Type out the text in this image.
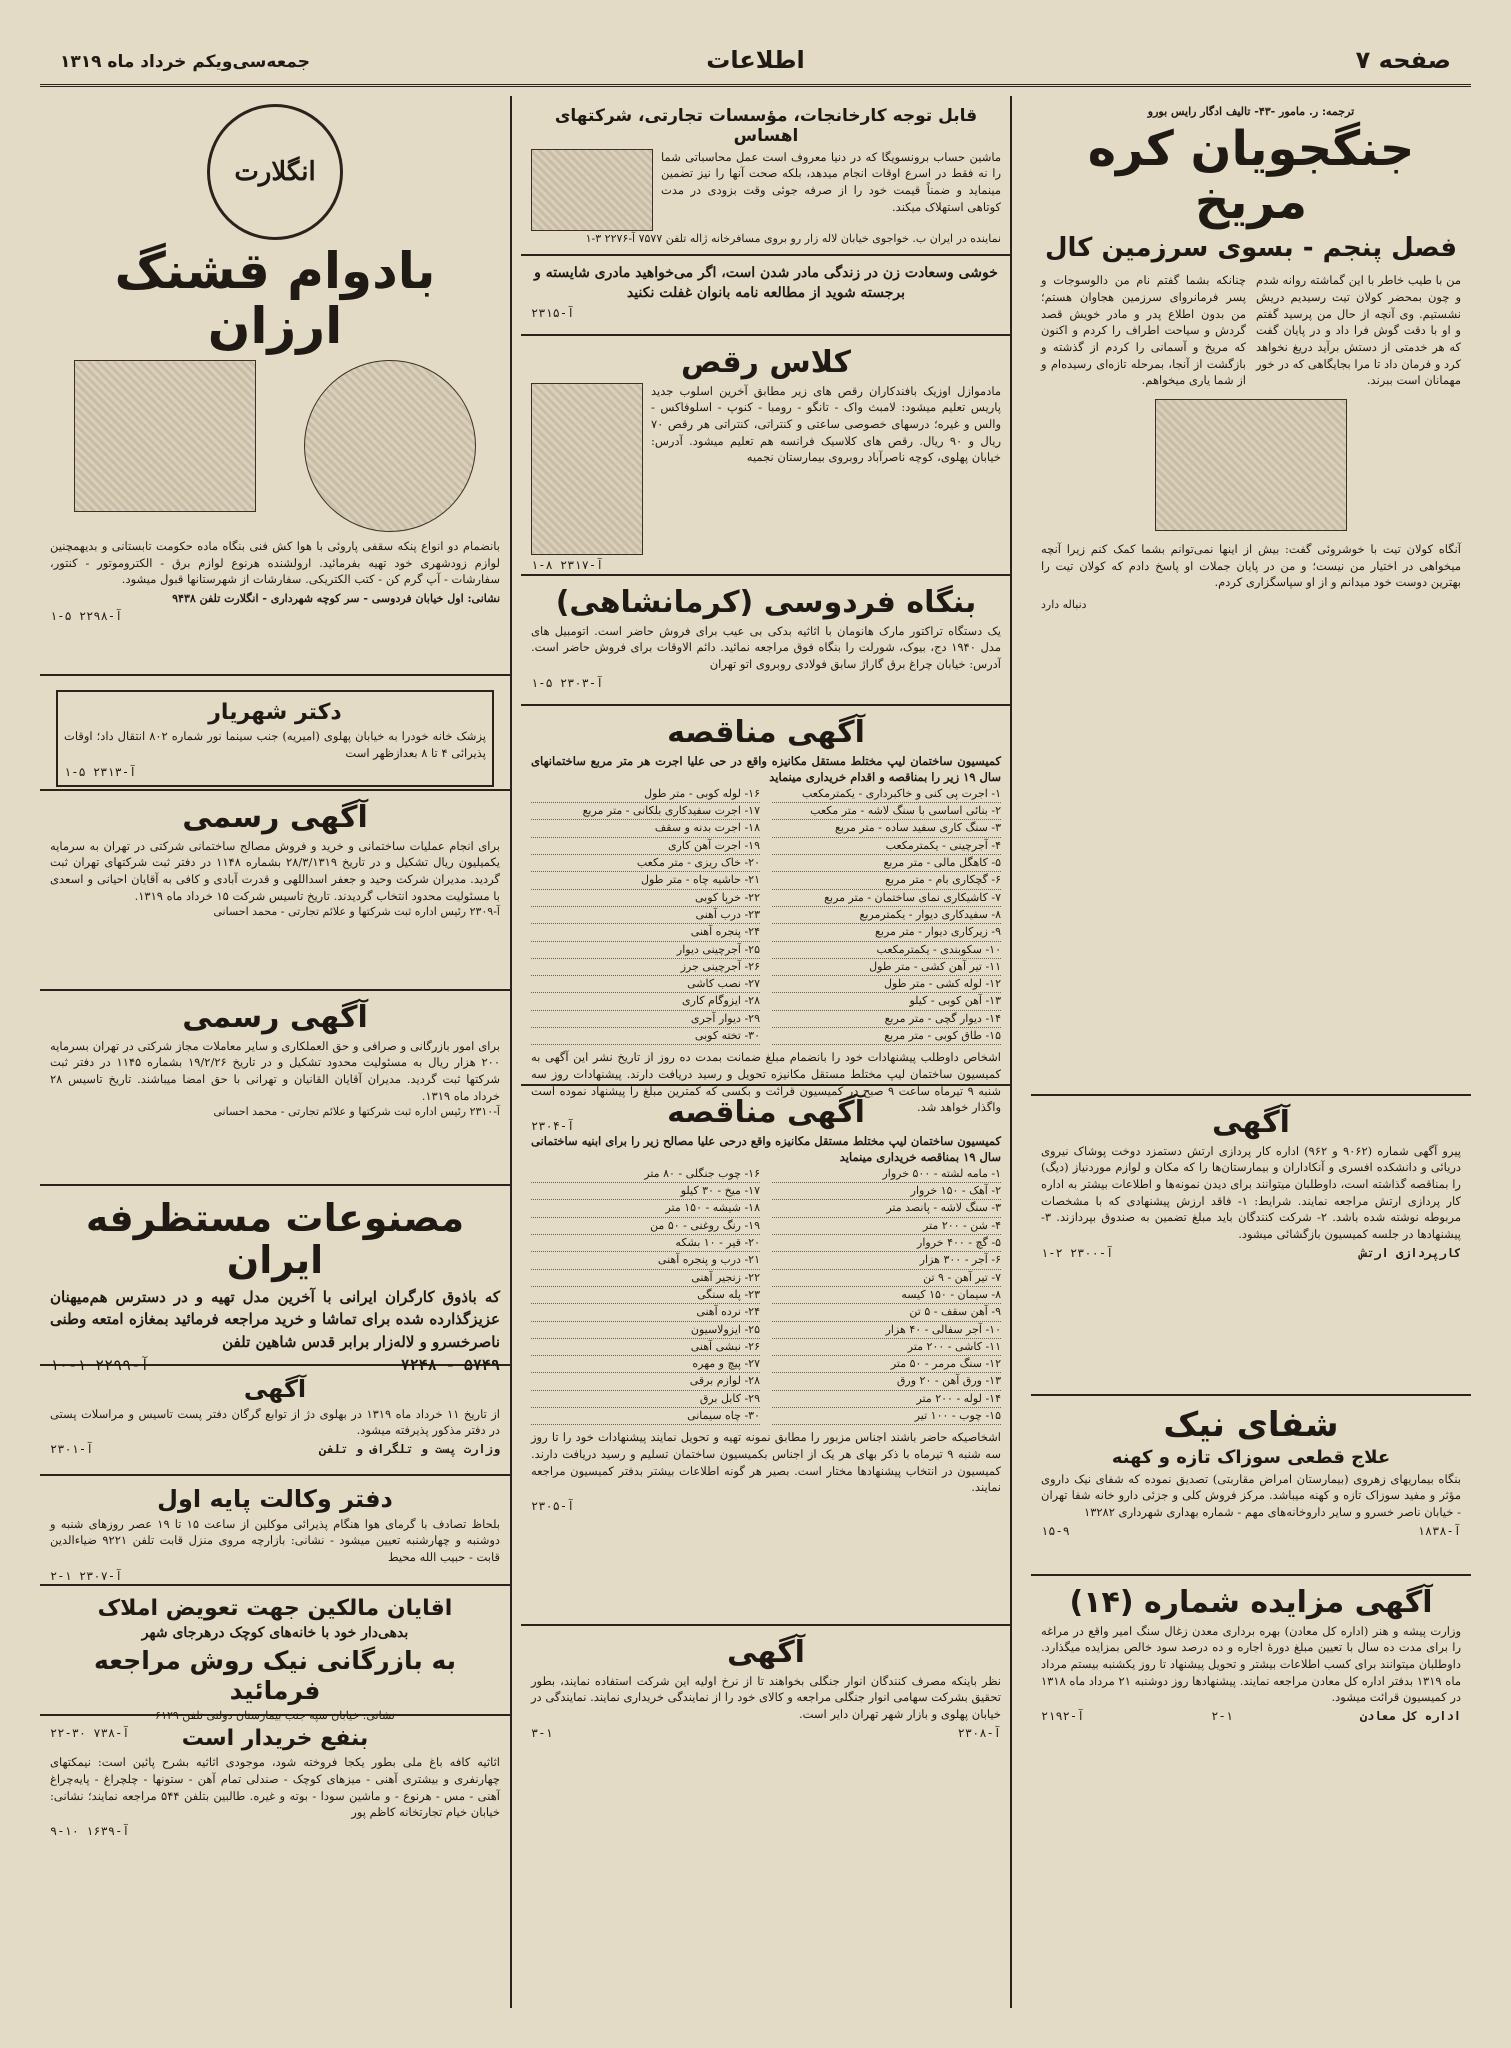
صفحه ۷
اطلاعات
جمعه‌سی‌ویکم خرداد ماه ۱۳۱۹
ترجمه: ر. مامور -۴۳- تالیف ادگار رایس بورو
جنگجویان کره مریخ
فصل پنجم - بسوی سرزمین کال

من با طیب خاطر با این گماشته روانه شدم و چون بمحضر کولان تیت رسیدیم دریش نشستیم. وی آنچه از حال من پرسید گفتم و او با دقت گوش فرا داد و در پایان گفت که هر خدمتی از دستش برآید دریغ نخواهد کرد و فرمان داد تا مرا بجایگاهی که در خور مهمانان است ببرند.

چنانکه بشما گفتم نام من دالوسوجات و پسر فرمانروای سرزمین هجاوان هستم؛ من بدون اطلاع پدر و مادر خویش قصد گردش و سیاحت اطراف را کردم و اکنون که مریخ و آسمانی را کردم از گذشته و بازگشت از آنجا، بمرحله تازه‌ای رسیده‌ام و از شما یاری میخواهم.

آنگاه کولان تیت با خوشروئی گفت: بیش از اینها نمی‌توانم بشما کمک کنم زیرا آنچه میخواهی در اختیار من نیست؛ و من در پایان جملات او پاسخ دادم که کولان تیت را بهترین دوست خود میدانم و از او سپاسگزاری کردم.

دنباله دارد
آگهی

پیرو آگهی شماره (۹۰۶۲ و ۹۶۲) اداره کار پردازی ارتش دستمزد دوخت پوشاک نیروی دریائی و دانشکده افسری و آنکاداران و بیمارستان‌ها را که مکان و لوازم موردنیاز (دیگ) را بمناقصه گذاشته است، داوطلبان میتوانند برای دیدن نمونه‌ها و اطلاعات بیشتر به اداره کار پردازی ارتش مراجعه نمایند. شرایط: ۱- فاقد ارزش پیشنهادی که با مشخصات مربوطه نوشته شده باشد. ۲- شرکت کنندگان باید مبلغ تضمین به صندوق بپردازند. ۳- پیشنهادها در جلسه کمیسیون بازگشائی میشود.

آ-۲۳۰۰ ۲-۱	کارپردازی ارتش
شفای نیک
علاج قطعی سوزاک تازه و کهنه

بنگاه بیماریهای زهروی (بیمارستان امراض مقاربتی) تصدیق نموده که شفای نیک داروی مؤثر و مفید سوزاک تازه و کهنه میباشد. مرکز فروش کلی و جزئی دارو خانه شفا تهران - خیابان ناصر خسرو و سایر داروخانه‌های مهم - شماره بهداری شهرداری ۱۳۲۸۲

۱۵-۹	آ-۱۸۳۸
آگهی مزایده شماره (۱۴)

وزارت پیشه و هنر (اداره کل معادن) بهره برداری معدن زغال سنگ امیر واقع در مراغه را برای مدت ده سال با تعیین مبلغ دورهٔ اجاره و ده درصد سود خالص بمزایده میگذارد. داوطلبان میتوانند برای کسب اطلاعات بیشتر و تحویل پیشنهاد تا روز یکشنبه بیستم مرداد ماه ۱۳۱۹ بدفتر اداره کل معادن مراجعه نمایند. پیشنهادها روز دوشنبه ۲۱ مرداد ماه ۱۳۱۸ در کمیسیون قرائت میشود.

آ-۲۱۹۲	۲-۱	اداره کل معادن
قابل توجه کارخانجات، مؤسسات تجارتی، شرکتهای اهساس

ماشین حساب برونسویگا که در دنیا معروف است عمل محاسباتی شما را نه فقط در اسرع اوقات انجام میدهد، بلکه صحت آنها را نیز تضمین مینماید و ضمناً قیمت خود را از صرفه جوئی وقت بزودی در مدت کوتاهی استهلاک میکند.

نماینده در ایران ب. خواجوی خیابان لاله زار رو بروی مسافرخانه ژاله تلفن ۷۵۷۷ آ-۲۲۷۶ ۳-۱
خوشی وسعادت زن در زندگی مادر شدن است، اگر می‌خواهید مادری شایسته و برجسته شوید از مطالعه نامه بانوان غفلت نکنید
آ-۲۳۱۵
کلاس رقص

مادموازل اوزیک بافندکاران رقص های زیر مطابق آخرین اسلوب جدید پاریس تعلیم میشود: لامبث واک - تانگو - رومبا - کنوپ - اسلوفاکس - والس و غیره؛ درسهای خصوصی ساعتی و کنتراتی، کنتراتی هر رقص ۷۰ ریال و ۹۰ ریال. رقص های کلاسیک فرانسه هم تعلیم میشود. آدرس: خیابان پهلوی، کوچه ناصرآباد روبروی بیمارستان نجمیه

آ-۲۳۱۷ ۸-۱
بنگاه فردوسی (کرمانشاهی)

یک دستگاه تراکتور مارک هانومان با اثاثیه بدکی بی عیب برای فروش حاضر است. اتومبیل های مدل ۱۹۴۰ دج، بیوک، شورلت را بنگاه فوق مراجعه نمائید. دائم الاوقات برای فروش حاضر است. آدرس: خیابان چراغ برق گاراژ سابق فولادی روبروی اتو تهران

آ-۲۳۰۳ ۵-۱
آگهی مناقصه

کمیسیون ساختمان لیپ مختلط مستقل مکانیزه واقع در حی علیا اجرت هر متر مربع ساختمانهای سال ۱۹ زیر را بمناقصه و اقدام خریداری مینماید

۱- اجرت پی کنی و خاکبرداری - یکمترمکعب
۲- بنائی اساسی با سنگ لاشه - متر مکعب
۳- سنگ کاری سفید ساده - متر مربع
۴- آجرچینی - یکمترمکعب
۵- کاهگل مالی - متر مربع
۶- گچکاری بام - متر مربع
۷- کاشیکاری نمای ساختمان - متر مربع
۸- سفیدکاری دیوار - یکمترمربع
۹- زیرکاری دیوار - متر مربع
۱۰- سکوبندی - یکمترمکعب
۱۱- تیر آهن کشی - متر طول
۱۲- لوله کشی - متر طول
۱۳- آهن کوبی - کیلو
۱۴- دیوار گچی - متر مربع
۱۵- طاق کوبی - متر مربع
۱۶- لوله کوبی - متر طول
۱۷- اجرت سفیدکاری بلکانی - متر مربع
۱۸- اجرت بدنه و سقف
۱۹- اجرت آهن کاری
۲۰- خاک ریزی - متر مکعب
۲۱- حاشیه چاه - متر طول
۲۲- خرپا کوبی
۲۳- درب آهنی
۲۴- پنجره آهنی
۲۵- آجرچینی دیوار
۲۶- آجرچینی جرز
۲۷- نصب کاشی
۲۸- ایزوگام کاری
۲۹- دیوار آجری
۳۰- تخته کوبی

اشخاص داوطلب پیشنهادات خود را بانضمام مبلغ ضمانت بمدت ده روز از تاریخ نشر این آگهی به کمیسیون ساختمان لیپ مختلط مستقل مکانیزه تحویل و رسید دریافت دارند. پیشنهادات روز سه شنبه ۹ تیرماه ساعت ۹ صبح در کمیسیون قرائت و بکسی که کمترین مبلغ را پیشنهاد نموده است واگذار خواهد شد.

آ-۲۳۰۴	آگهی مناقصه

کمیسیون ساختمان لیپ مختلط مستقل مکانیزه واقع درحی علیا مصالح زیر را برای ابنیه ساختمانی سال ۱۹ بمناقصه خریداری مینماید

۱- مامه لشته - ۵۰۰ خروار
۲- آهک - ۱۵۰ خروار
۳- سنگ لاشه - پانصد متر
۴- شن - ۲۰۰ متر
۵- گچ - ۴۰۰ خروار
۶- آجر - ۳۰۰ هزار
۷- تیر آهن - ۹ تن
۸- سیمان - ۱۵۰ کیسه
۹- آهن سقف - ۵ تن
۱۰- آجر سفالی - ۴۰ هزار
۱۱- کاشی - ۲۰۰ متر
۱۲- سنگ مرمر - ۵۰ متر
۱۳- ورق آهن - ۲۰ ورق
۱۴- لوله - ۲۰۰ متر
۱۵- چوب - ۱۰۰ تیر
۱۶- چوب جنگلی - ۸۰ متر
۱۷- میخ - ۳۰ کیلو
۱۸- شیشه - ۱۵۰ متر
۱۹- رنگ روغنی - ۵۰ من
۲۰- قیر - ۱۰ بشکه
۲۱- درب و پنجره آهنی
۲۲- زنجیر آهنی
۲۳- پله سنگی
۲۴- نرده آهنی
۲۵- ایزولاسیون
۲۶- نبشی آهنی
۲۷- پیچ و مهره
۲۸- لوازم برقی
۲۹- کابل برق
۳۰- چاه سیمانی

اشخاصیکه حاضر باشند اجناس مزبور را مطابق نمونه تهیه و تحویل نمایند پیشنهادات خود را تا روز سه شنبه ۹ تیرماه با ذکر بهای هر یک از اجناس بکمیسیون ساختمان تسلیم و رسید دریافت دارند. کمیسیون در انتخاب پیشنهادها مختار است. بصیر هر گونه اطلاعات بیشتر بدفتر کمیسیون مراجعه نمایند.

آ-۲۳۰۵
آگهی

نظر باینکه مصرف کنندگان انوار جنگلی بخواهند تا از نرخ اولیه این شرکت استفاده نمایند، بطور تحقیق بشرکت سهامی انوار جنگلی مراجعه و کالای خود را از نمایندگی خریداری نمایند. نمایندگی در خیابان پهلوی و بازار شهر تهران دایر است.

۳-۱	آ-۲۳۰۸
انگلارت
بادوام قشنگ ارزان

بانضمام دو انواع پنکه سقفی پاروئی با هوا کش فنی بنگاه ماده حکومت تابستانی و بدیهمچنین لوازم زودشهری خود تهیه بفرمائید. ارولشنده هرنوع لوازم برق - الکتروموتور - کنتور، سفارشات - آپ گرم کن - کتب الکتریکی. سفارشات از شهرستانها قبول میشود.

نشانی: اول خیابان فردوسی - سر کوچه شهرداری - انگلارت تلفن ۹۴۳۸
آ-۲۲۹۸ ۵-۱
دکتر شهریار

پزشک خانه خودرا به خیابان پهلوی (امیریه) جنب سینما نور شماره ۸۰۲ انتقال داد؛ اوقات پذیرائی ۴ تا ۸ بعدازظهر است

آ-۲۳۱۳ ۵-۱
آگهی رسمی

برای انجام عملیات ساختمانی و خرید و فروش مصالح ساختمانی شرکتی در تهران به سرمایه یکمیلیون ریال تشکیل و در تاریخ ۲۸/۳/۱۳۱۹ بشماره ۱۱۴۸ در دفتر ثبت شرکتهای تهران ثبت گردید. مدیران شرکت وحید و جعفر اسداللهی و قدرت آبادی و کافی به آقایان احیانی و اسعدی با مسئولیت محدود انتخاب گردیدند. تاریخ تاسیس شرکت ۱۵ خرداد ماه ۱۳۱۹.

آ-۲۳۰۹ رئیس اداره ثبت شرکتها و علائم تجارتی - محمد احسانی
آگهی رسمی

برای امور بازرگانی و صرافی و حق العملکاری و سایر معاملات مجاز شرکتی در تهران بسرمایه ۲۰۰ هزار ریال به مسئولیت محدود تشکیل و در تاریخ ۱۹/۲/۲۶ بشماره ۱۱۴۵ در دفتر ثبت شرکتها ثبت گردید. مدیران آقایان القانیان و تهرانی با حق امضا میباشند. تاریخ تاسیس ۲۸ خرداد ماه ۱۳۱۹.

آ-۲۳۱۰ رئیس اداره ثبت شرکتها و علائم تجارتی - محمد احسانی
مصنوعات مستظرفه ایران

که باذوق کارگران ایرانی با آخرین مدل تهیه و در دسترس هم‌میهنان عزیزگذارده شده برای تماشا و خرید مراجعه فرمائید بمغازه امتعه وطنی ناصرخسرو و لاله‌زار برابر قدس شاهین تلفن

آ-۲۲۹۹ ۱-۱۰	۷۲۴۸ - ۵۷۴۹
آگهی

از تاریخ ۱۱ خرداد ماه ۱۳۱۹ در بهلوی دژ از توابع گرگان دفتر پست تاسیس و مراسلات پستی در دفتر مذکور پذیرفته میشود.

آ-۲۳۰۱	وزارت پست و تلگراف و تلفن
دفتر وکالت پایه اول

بلحاظ تصادف با گرمای هوا هنگام پذیرائی موکلین از ساعت ۱۵ تا ۱۹ عصر روزهای شنبه و دوشنبه و چهارشنبه تعیین میشود - نشانی: بازارچه مروی منزل قابت تلفن ۹۲۲۱ ضیاءالدین قابت - حبیب الله محیط

آ-۲۳۰۷ ۱-۲
اقایان مالکین جهت تعویض املاک
بدهی‌دار خود با خانه‌های کوچک درهرجای شهر
به بازرگانی نیک روش مراجعه فرمائید
نشانی: خیابان سپه جنب بیمارستان دولتی تلفن ۶۱۲۹
آ-۷۳۸ ۳۰-۲۲	بنفع خریدار است

اثاثیه کافه باغ ملی بطور یکجا فروخته شود، موجودی اثاثیه بشرح پائین است: نیمکتهای چهارنفری و بیشتری آهنی - میزهای کوچک - صندلی تمام آهن - ستونها - چلچراغ - پایه‌چراغ آهنی - مس - هرنوع - و ماشین سودا - بوته و غیره. طالبین بتلفن ۵۴۴ مراجعه نمایند؛ نشانی: خیابان خیام تجارتخانه کاظم پور

آ-۱۶۳۹ ۱۰-۹
